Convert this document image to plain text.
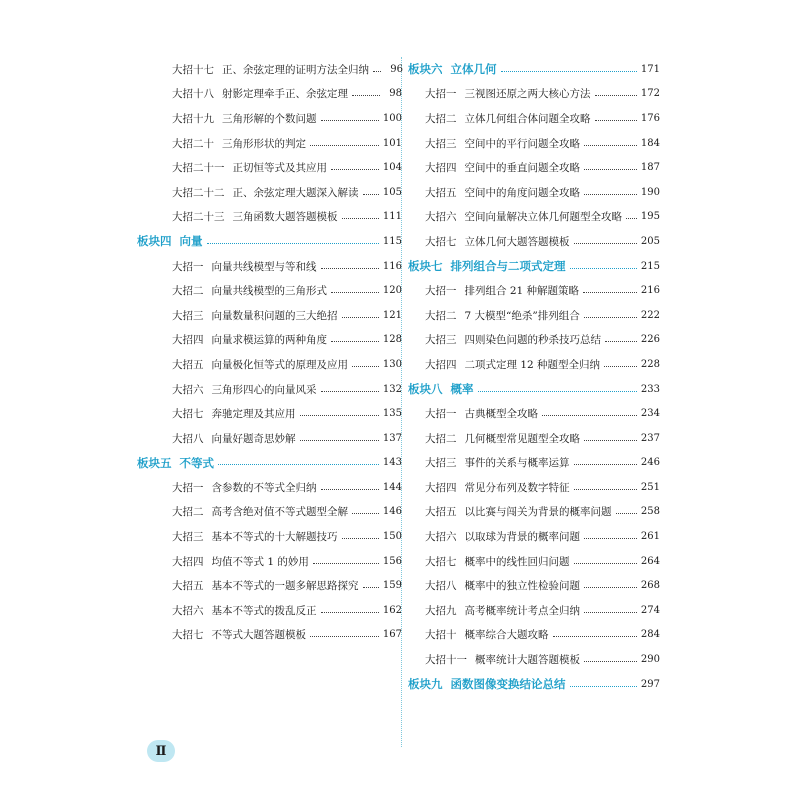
大招十七 正、余弦定理的证明方法全归纳	96
大招十八 射影定理牵手正、余弦定理	98
大招十九 三角形解的个数问题	100
大招二十 三角形形状的判定	101
大招二十一 正切恒等式及其应用	104
大招二十二 正、余弦定理大题深入解读 105
大招二十三 三角函数大题答题模板	111
板块四 向量	115
大招一 向量共线模型与等和线	116
大招二 向量共线模型的三角形式	120
大招三 向量数量积问题的三大绝招	121
大招四 向量求模运算的两种角度	128
大招五 向量极化恒等式的原理及应用	130
大招六 三角形四心的向量风采	132
大招七 奔驰定理及其应用	135
大招八 向量好题奇思妙解	137
板块五 不等式	143
大招一 含参数的不等式全归纳	144
大招二 高考含绝对值不等式题型全解	146
大招三 基本不等式的十大解题技巧	150
大招四 均值不等式 1 的妙用	156
大招五 基本不等式的一题多解思路探究 159
大招六 基本不等式的拨乱反正	162
大招七 不等式大题答题模板	167
板块六 立体几何	171
大招一 三视图还原之两大核心方法	172
大招二 立体几何组合体问题全攻略	176
大招三 空间中的平行问题全攻略	184
大招四 空间中的垂直问题全攻略	187
大招五 空间中的角度问题全攻略	190
大招六 空间向量解决立体几何题型全攻略 195
大招七 立体几何大题答题模板	205
板块七 排列组合与二项式定理	215
大招一 排列组合 21 种解题策略	216
大招二 7 大模型“绝杀”排列组合	222
大招三 四则染色问题的秒杀技巧总结	226
大招四 二项式定理 12 种题型全归纳	228
板块八 概率	233
大招一 古典概型全攻略	234
大招二 几何概型常见题型全攻略	237
大招三 事件的关系与概率运算	246
大招四 常见分布列及数字特征	251
大招五 以比赛与闯关为背景的概率问题	258
大招六 以取球为背景的概率问题	261
大招七 概率中的线性回归问题	264
大招八 概率中的独立性检验问题	268
大招九 高考概率统计考点全归纳	274
大招十 概率综合大题攻略	284
大招十一 概率统计大题答题模板	290
板块九 函数图像变换结论总结	297
Ⅱ
